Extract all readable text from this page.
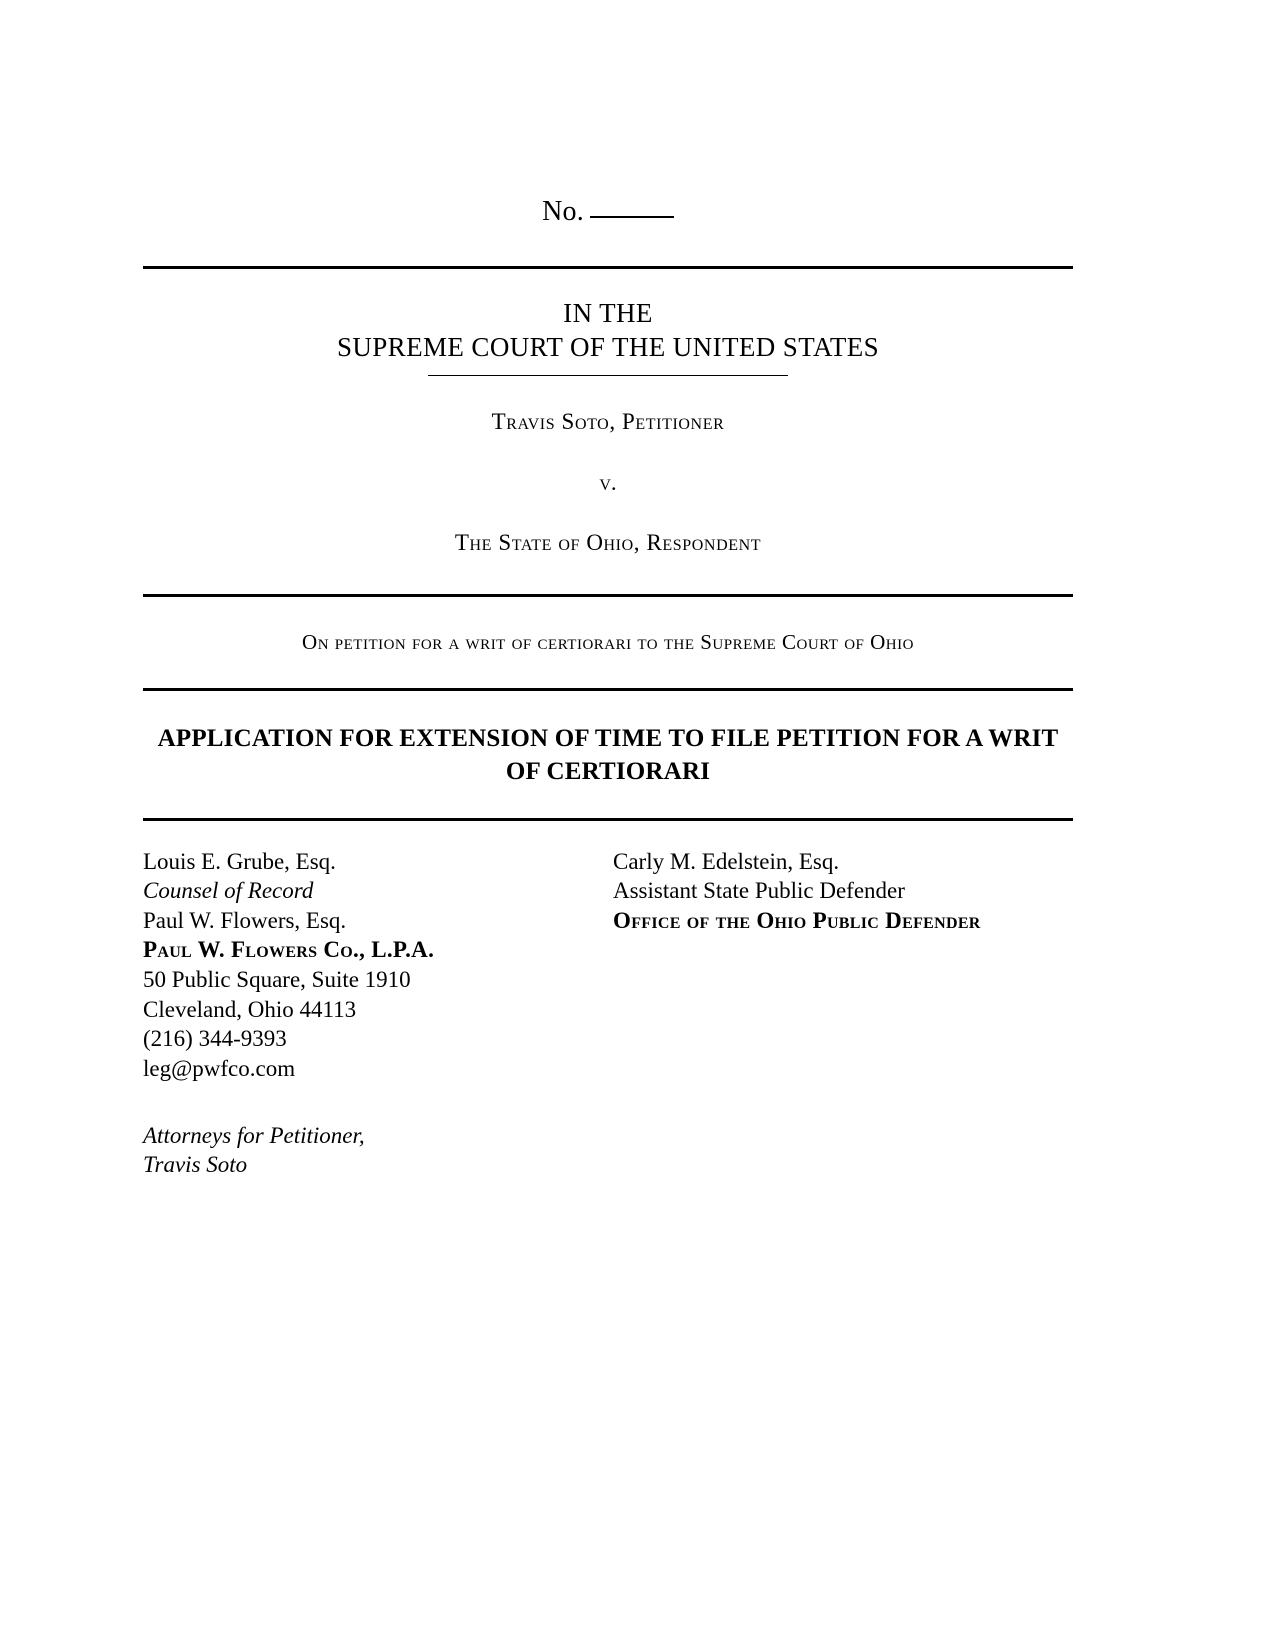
No.
IN THE
SUPREME COURT OF THE UNITED STATES
Travis Soto, Petitioner
v.
The State of Ohio, Respondent
On petition for a writ of certiorari to the Supreme Court of Ohio
APPLICATION FOR EXTENSION OF TIME TO FILE PETITION FOR A WRIT OF CERTIORARI

Louis E. Grube, Esq.

Counsel of Record

Paul W. Flowers, Esq.

Paul W. Flowers Co., L.P.A.

50 Public Square, Suite 1910

Cleveland, Ohio 44113

(216) 344-9393

leg@pwfco.com

Attorneys for Petitioner,

Travis Soto

Carly M. Edelstein, Esq.

Assistant State Public Defender

Office of the Ohio Public Defender
